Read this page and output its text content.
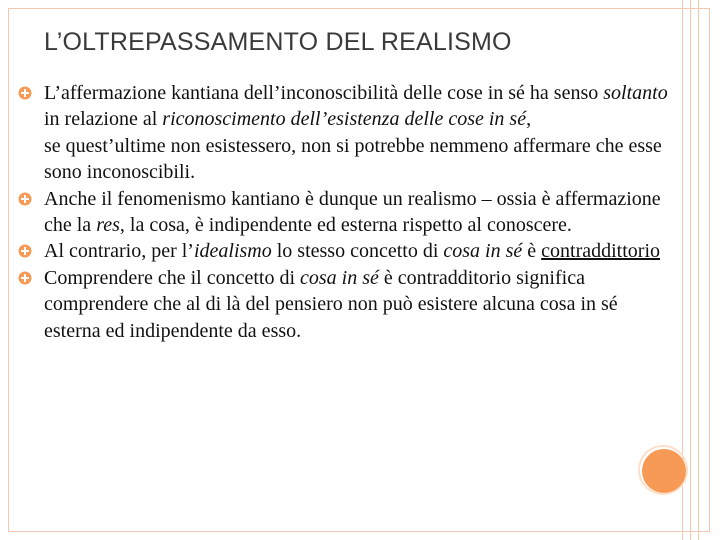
L’OLTREPASSAMENTO DEL REALISMO
L’affermazione kantiana dell’inconoscibilità delle cose in sé ha senso soltanto in relazione al riconoscimento dell’esistenza delle cose in sé,
se quest’ultime non esistessero, non si potrebbe nemmeno affermare che esse sono inconoscibili.
Anche il fenomenismo kantiano è dunque un realismo – ossia è affermazione che la res, la cosa, è indipendente ed esterna rispetto al conoscere.
Al contrario, per l’idealismo lo stesso concetto di cosa in sé è contraddittorio
Comprendere che il concetto di cosa in sé è contradditorio significa comprendere che al di là del pensiero non può esistere alcuna cosa in sé esterna ed indipendente da esso.
